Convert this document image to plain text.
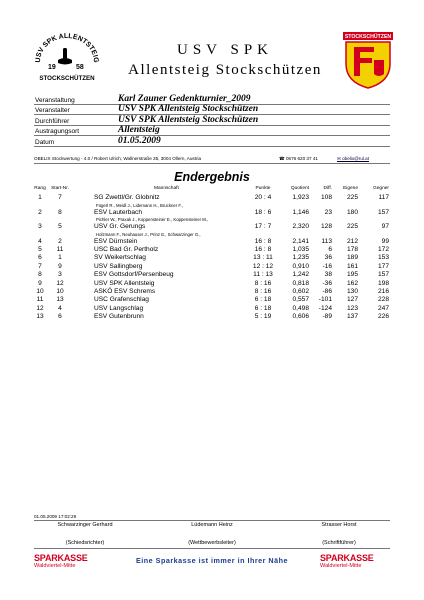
USV SPK ALLENTSTEIG
19	58
STOCKSCHÜTZEN
USV SPK
Allentsteig Stockschützen
STOCKSCHÜTZEN
Veranstaltung	Karl Zauner Gedenkturnier_2009
Veranstalter	USV SPK Allentsteig Stockschützen
Durchführer	USV SPK Allentsteig Stockschützen
Austragungsort	Allentsteig
Datum	01.05.2009
OBELIX Stockwertung - 4.0 / Robert Ulrich, Wallnerstraße 35, 3004 Ollern, Austria	☎ 0676 620 37 41	✉ obelix@rul.at
Endergebnis
Rang	Start-Nr.	Mannschaft	Punkte	Quotient	Diff.	Eigene	Gegner
1	7	SG Zwettl/Gr. Globnitz	20 : 4	1,923	108	225	117
Fügerl R., Meidl J., Lidemann H., Bruckner F.,
2	8	ESV Lauterbach	18 : 6	1,146	23	180	157
Pichler W., Praxak J., Koppensteiner E., Koppensteiner M.,
3	5	USV Gr. Gerungs	17 : 7	2,320	128	225	97
Holzmann F., Neuhauser J., Prinz E., Schwarzinger G.,
4	2	ESV Dürnstein	16 : 8	2,141	113	212	99
5	11	USC Bad Gr. Pertholz	16 : 8	1,035	6	178	172
6	1	SV Weikertschlag	13 : 11	1,235	36	189	153
7	9	USV Sallingberg	12 : 12	0,910	-16	161	177
8	3	ESV Gottsdorf/Persenbeug	11 : 13	1,242	38	195	157
9	12	USV SPK Allentsteig	8 : 16	0,818	-36	162	198
10	10	ASKÖ ESV Schrems	8 : 16	0,602	-86	130	216
11	13	USC Grafenschlag	6 : 18	0,557	-101	127	228
12	4	USV Langschlag	6 : 18	0,498	-124	123	247
13	6	ESV Gutenbrunn	5 : 19	0,606	-89	137	226
01.05.2009 17:02:29
Schwarzinger Gerhard	Lüdemann Heinz	Strasser Horst
(Schiedsrichter)	(Wettbewerbsleiter)	(Schriftführer)
SPARKASSE
Waldviertel-Mitte
Eine Sparkasse ist immer in Ihrer Nähe	SPARKASSE
Waldviertel-Mitte
